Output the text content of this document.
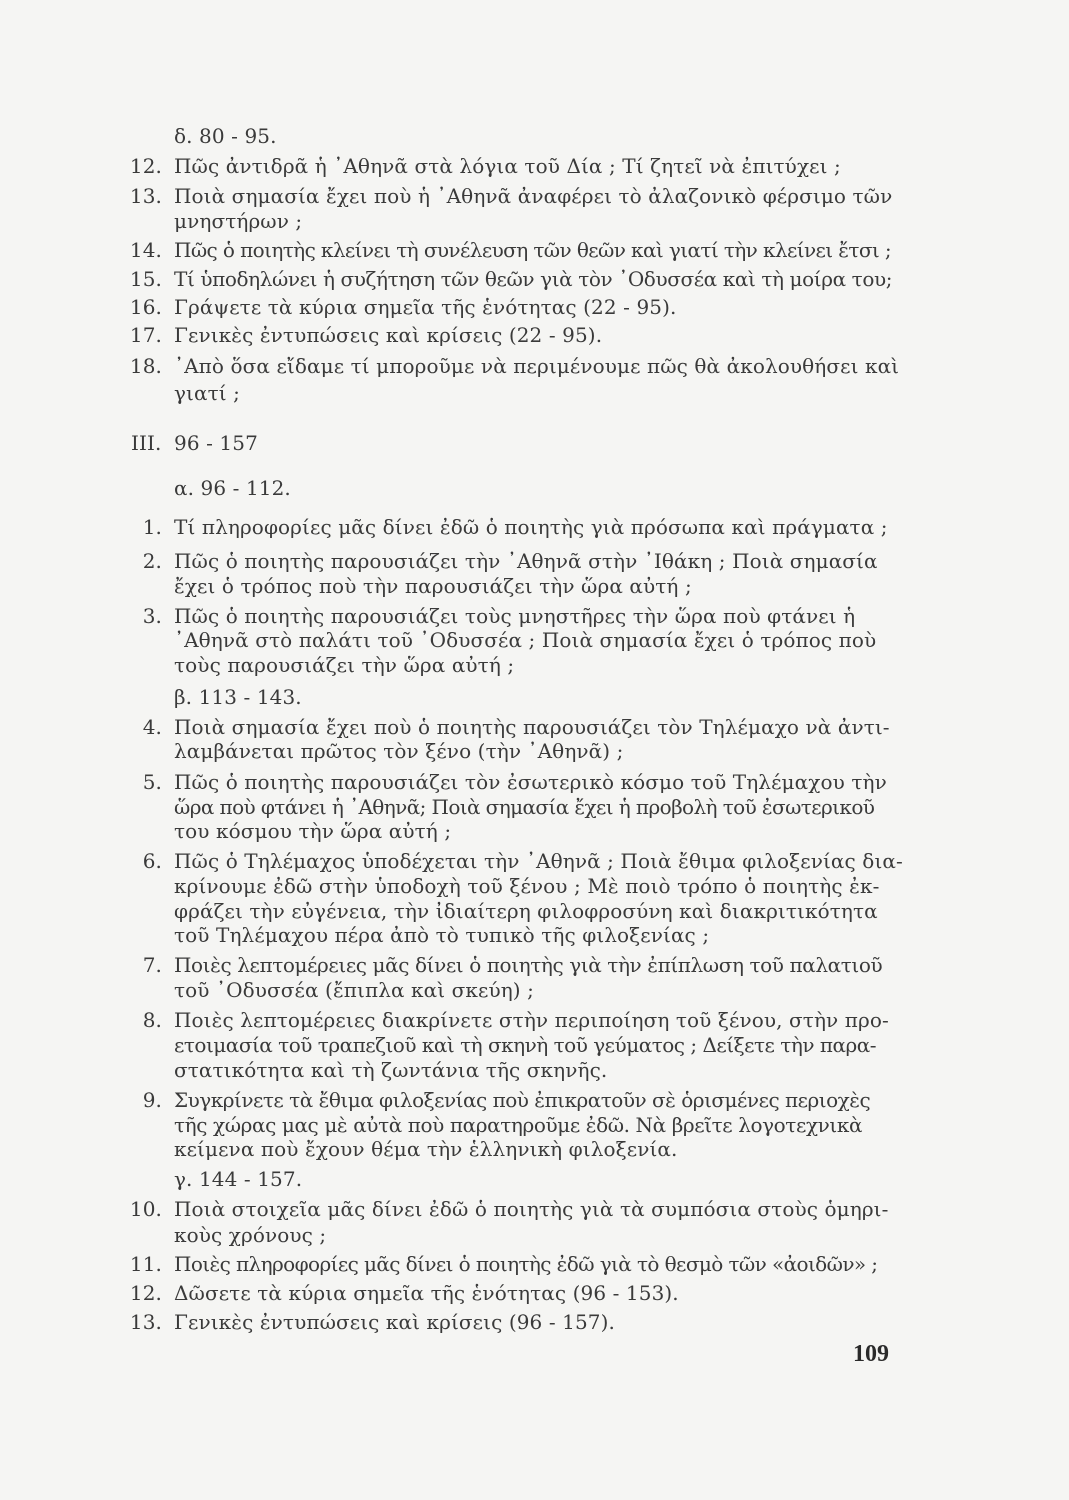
δ. 80 - 95.
12. Πῶς ἀντιδρᾶ ἡ ᾿Αθηνᾶ στὰ λόγια τοῦ Δία ; Τί ζητεῖ νὰ ἐπιτύχει ;
13. Ποιὰ σημασία ἔχει ποὺ ἡ ᾿Αθηνᾶ ἀναφέρει τὸ ἀλαζονικὸ φέρσιμο τῶν
μνηστήρων ;
14. Πῶς ὁ ποιητὴς κλείνει τὴ συνέλευση τῶν θεῶν καὶ γιατί τὴν κλείνει ἔτσι ;
15. Τί ὑποδηλώνει ἡ συζήτηση τῶν θεῶν γιὰ τὸν ᾿Οδυσσέα καὶ τὴ μοίρα του;
16. Γράψετε τὰ κύρια σημεῖα τῆς ἑνότητας (22 - 95).
17. Γενικὲς ἐντυπώσεις καὶ κρίσεις (22 - 95).
18. ᾿Απὸ ὅσα εἴδαμε τί μποροῦμε νὰ περιμένουμε πῶς θὰ ἀκολουθήσει καὶ
γιατί ;
III. 96 - 157
α. 96 - 112.
1. Τί πληροφορίες μᾶς δίνει ἐδῶ ὁ ποιητὴς γιὰ πρόσωπα καὶ πράγματα ;
2. Πῶς ὁ ποιητὴς παρουσιάζει τὴν ᾿Αθηνᾶ στὴν ᾿Ιθάκη ; Ποιὰ σημασία
ἔχει ὁ τρόπος ποὺ τὴν παρουσιάζει τὴν ὥρα αὐτή ;
3. Πῶς ὁ ποιητὴς παρουσιάζει τοὺς μνηστῆρες τὴν ὥρα ποὺ φτάνει ἡ
᾿Αθηνᾶ στὸ παλάτι τοῦ ᾿Οδυσσέα ; Ποιὰ σημασία ἔχει ὁ τρόπος ποὺ
τοὺς παρουσιάζει τὴν ὥρα αὐτή ;
β. 113 - 143.
4. Ποιὰ σημασία ἔχει ποὺ ὁ ποιητὴς παρουσιάζει τὸν Τηλέμαχο νὰ ἀντι-
λαμβάνεται πρῶτος τὸν ξένο (τὴν ᾿Αθηνᾶ) ;
5. Πῶς ὁ ποιητὴς παρουσιάζει τὸν ἐσωτερικὸ κόσμο τοῦ Τηλέμαχου τὴν
ὥρα ποὺ φτάνει ἡ ᾿Αθηνᾶ; Ποιὰ σημασία ἔχει ἡ προβολὴ τοῦ ἐσωτερικοῦ
του κόσμου τὴν ὥρα αὐτή ;
6. Πῶς ὁ Τηλέμαχος ὑποδέχεται τὴν ᾿Αθηνᾶ ; Ποιὰ ἔθιμα φιλοξενίας δια-
κρίνουμε ἐδῶ στὴν ὑποδοχὴ τοῦ ξένου ; Μὲ ποιὸ τρόπο ὁ ποιητὴς ἐκ-
φράζει τὴν εὐγένεια, τὴν ἰδιαίτερη φιλοφροσύνη καὶ διακριτικότητα
τοῦ Τηλέμαχου πέρα ἀπὸ τὸ τυπικὸ τῆς φιλοξενίας ;
7. Ποιὲς λεπτομέρειες μᾶς δίνει ὁ ποιητὴς γιὰ τὴν ἐπίπλωση τοῦ παλατιοῦ
τοῦ ᾿Οδυσσέα (ἔπιπλα καὶ σκεύη) ;
8. Ποιὲς λεπτομέρειες διακρίνετε στὴν περιποίηση τοῦ ξένου, στὴν προ-
ετοιμασία τοῦ τραπεζιοῦ καὶ τὴ σκηνὴ τοῦ γεύματος ; Δείξετε τὴν παρα-
στατικότητα καὶ τὴ ζωντάνια τῆς σκηνῆς.
9. Συγκρίνετε τὰ ἔθιμα φιλοξενίας ποὺ ἐπικρατοῦν σὲ ὁρισμένες περιοχὲς
τῆς χώρας μας μὲ αὐτὰ ποὺ παρατηροῦμε ἐδῶ. Νὰ βρεῖτε λογοτεχνικὰ
κείμενα ποὺ ἔχουν θέμα τὴν ἑλληνικὴ φιλοξενία.
γ. 144 - 157.
10. Ποιὰ στοιχεῖα μᾶς δίνει ἐδῶ ὁ ποιητὴς γιὰ τὰ συμπόσια στοὺς ὁμηρι-
κοὺς χρόνους ;
11. Ποιὲς πληροφορίες μᾶς δίνει ὁ ποιητὴς ἐδῶ γιὰ τὸ θεσμὸ τῶν «ἀοιδῶν» ;
12. Δῶσετε τὰ κύρια σημεῖα τῆς ἑνότητας (96 - 153).
13. Γενικὲς ἐντυπώσεις καὶ κρίσεις (96 - 157).
109
